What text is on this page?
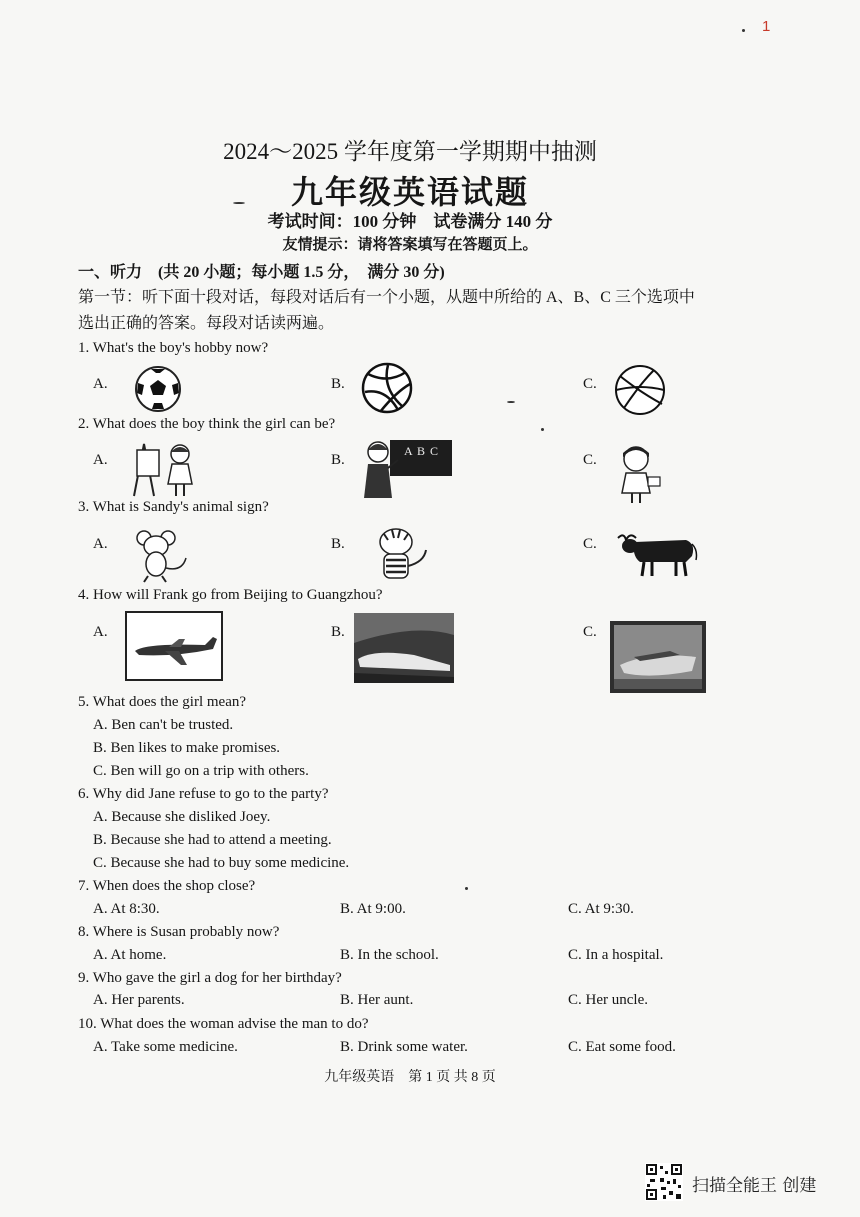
1
2024～2025 学年度第一学期期中抽测
九年级英语试题
考试时间：100 分钟　试卷满分 140 分
友情提示：请将答案填写在答题页上。
一、听力　(共 20 小题；每小题 1.5 分，　满分 30 分)
第一节：听下面十段对话，每段对话后有一个小题，从题中所给的 A、B、C 三个选项中
选出正确的答案。每段对话读两遍。
1. What's the boy's hobby now?
A.	B.	C.
2. What does the boy think the girl can be?
A.	B.	C.
A B C
3. What is Sandy's animal sign?
A.	B.	C.
4. How will Frank go from Beijing to Guangzhou?
A.	B.	C.
5. What does the girl mean?
A. Ben can't be trusted.
B. Ben likes to make promises.
C. Ben will go on a trip with others.
6. Why did Jane refuse to go to the party?
A. Because she disliked Joey.
B. Because she had to attend a meeting.
C. Because she had to buy some medicine.
7. When does the shop close?
A. At 8:30.	B. At 9:00.	C. At 9:30.
8. Where is Susan probably now?
A. At home.	B. In the school.	C. In a hospital.
9. Who gave the girl a dog for her birthday?
A. Her parents.	B. Her aunt.	C. Her uncle.
10. What does the woman advise the man to do?
A. Take some medicine.	B. Drink some water.	C. Eat some food.
九年级英语　第 1 页 共 8 页
扫描全能王 创建
